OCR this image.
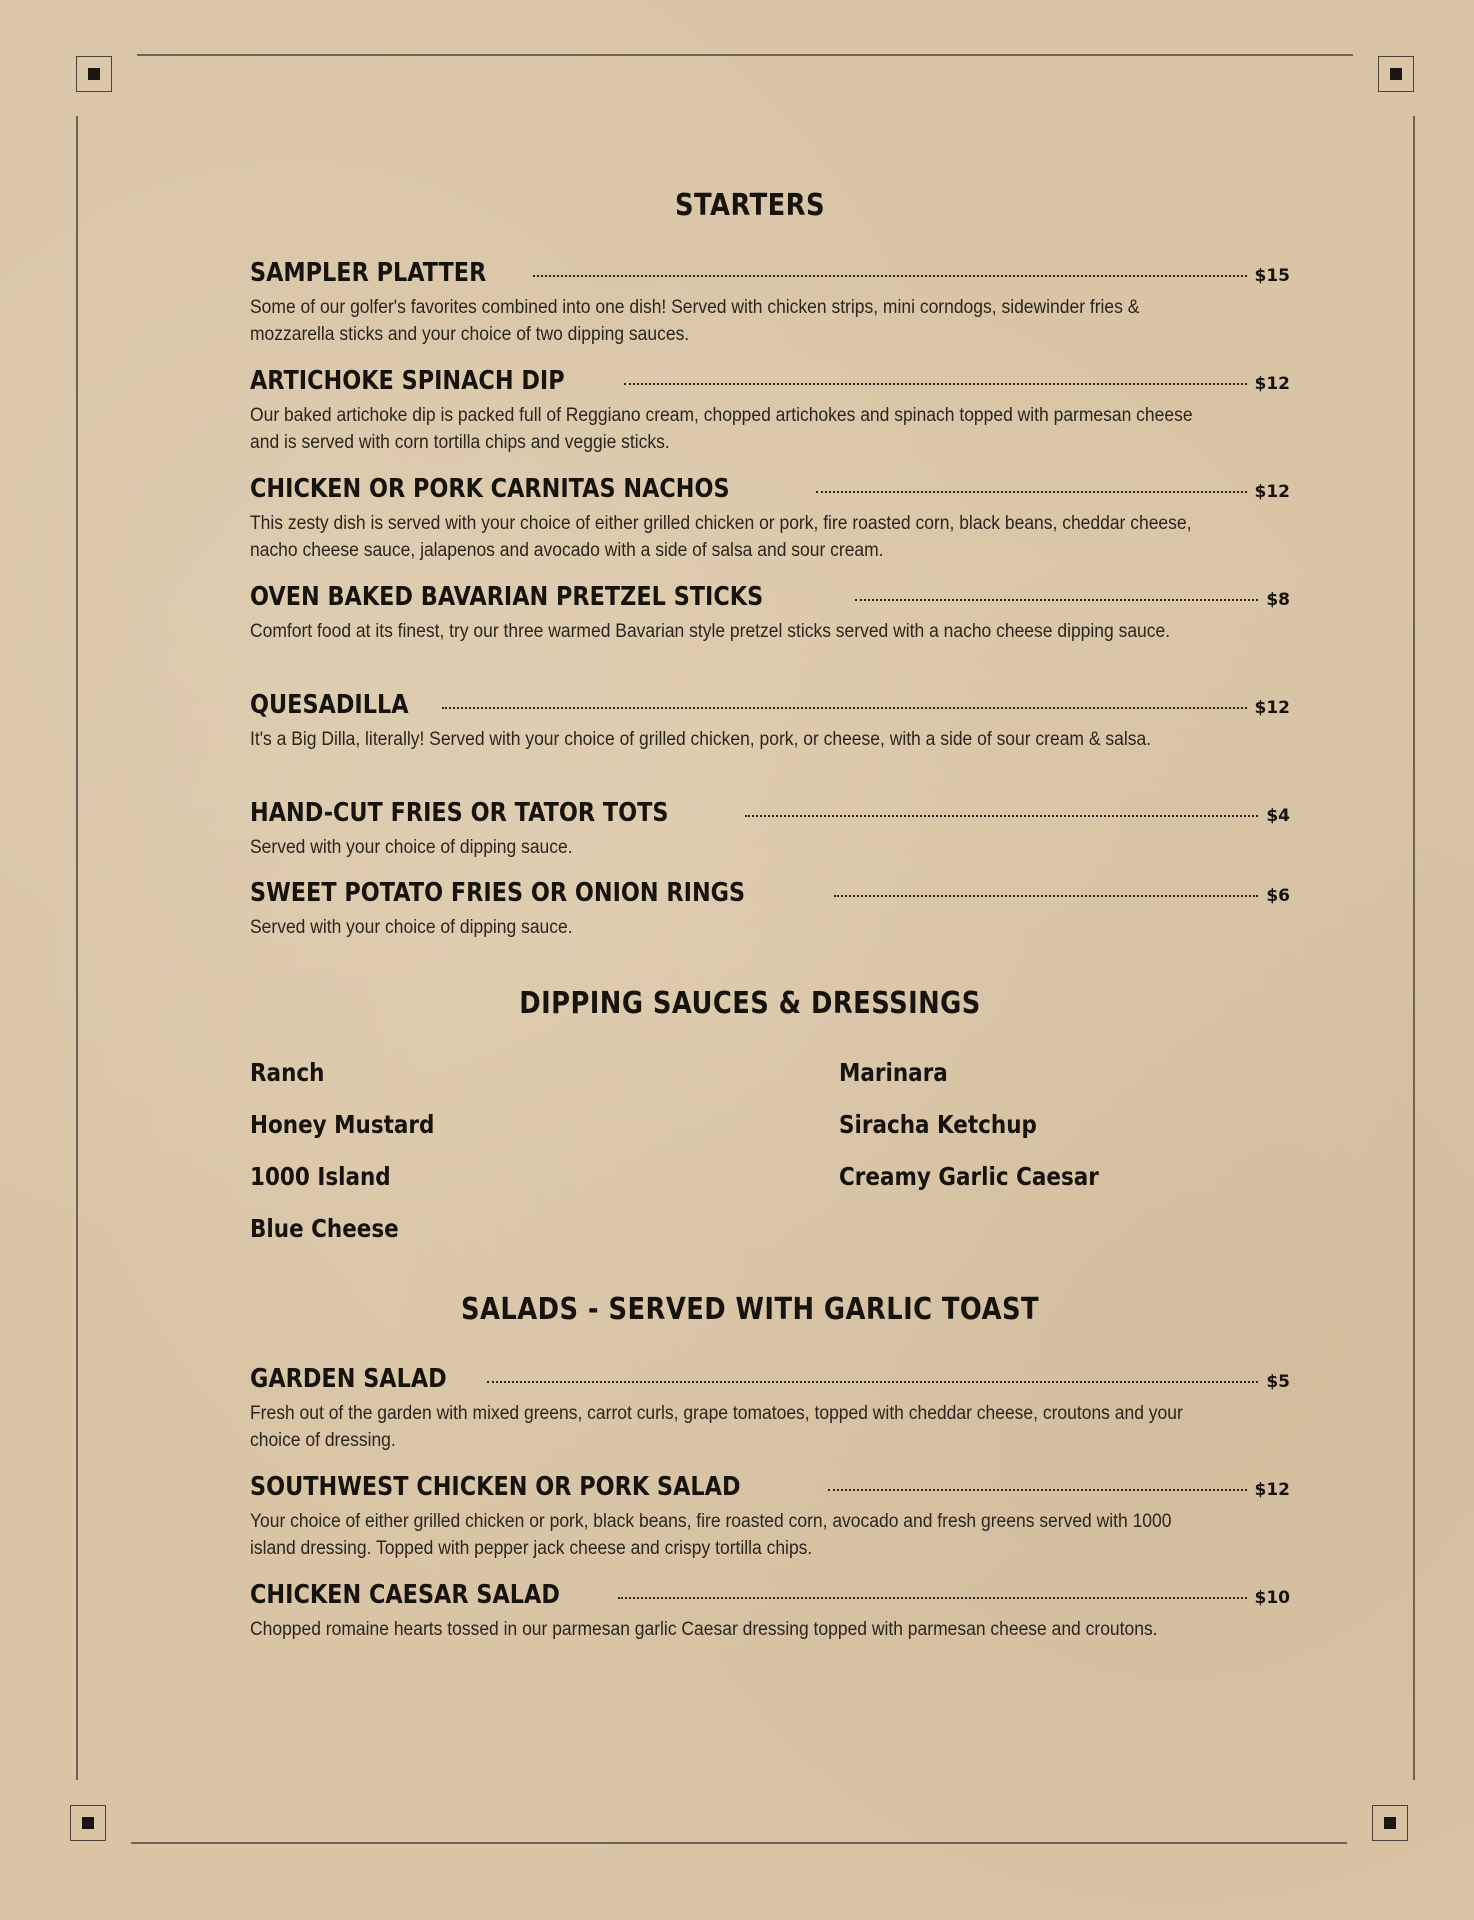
STARTERS
SAMPLER PLATTER	$15
Some of our golfer's favorites combined into one dish! Served with chicken strips, mini corndogs, sidewinder fries & mozzarella sticks and your choice of two dipping sauces.
ARTICHOKE SPINACH DIP	$12
Our baked artichoke dip is packed full of Reggiano cream, chopped artichokes and spinach topped with parmesan cheese and is served with corn tortilla chips and veggie sticks.
CHICKEN OR PORK CARNITAS NACHOS	$12
This zesty dish is served with your choice of either grilled chicken or pork, fire roasted corn, black beans, cheddar cheese, nacho cheese sauce, jalapenos and avocado with a side of salsa and sour cream.
OVEN BAKED BAVARIAN PRETZEL STICKS	$8
Comfort food at its finest, try our three warmed Bavarian style pretzel sticks served with a nacho cheese dipping sauce.
QUESADILLA	$12
It's a Big Dilla, literally! Served with your choice of grilled chicken, pork, or cheese, with a side of sour cream & salsa.
HAND-CUT FRIES OR TATOR TOTS	$4
Served with your choice of dipping sauce.
SWEET POTATO FRIES OR ONION RINGS	$6
Served with your choice of dipping sauce.
DIPPING SAUCES & DRESSINGS
Ranch
Honey Mustard
1000 Island
Blue Cheese
Marinara
Siracha Ketchup
Creamy Garlic Caesar
SALADS - SERVED WITH GARLIC TOAST
GARDEN SALAD	$5
Fresh out of the garden with mixed greens, carrot curls, grape tomatoes, topped with cheddar cheese, croutons and your choice of dressing.
SOUTHWEST CHICKEN OR PORK SALAD	$12
Your choice of either grilled chicken or pork, black beans, fire roasted corn, avocado and fresh greens served with 1000 island dressing. Topped with pepper jack cheese and crispy tortilla chips.
CHICKEN CAESAR SALAD	$10
Chopped romaine hearts tossed in our parmesan garlic Caesar dressing topped with parmesan cheese and croutons.
